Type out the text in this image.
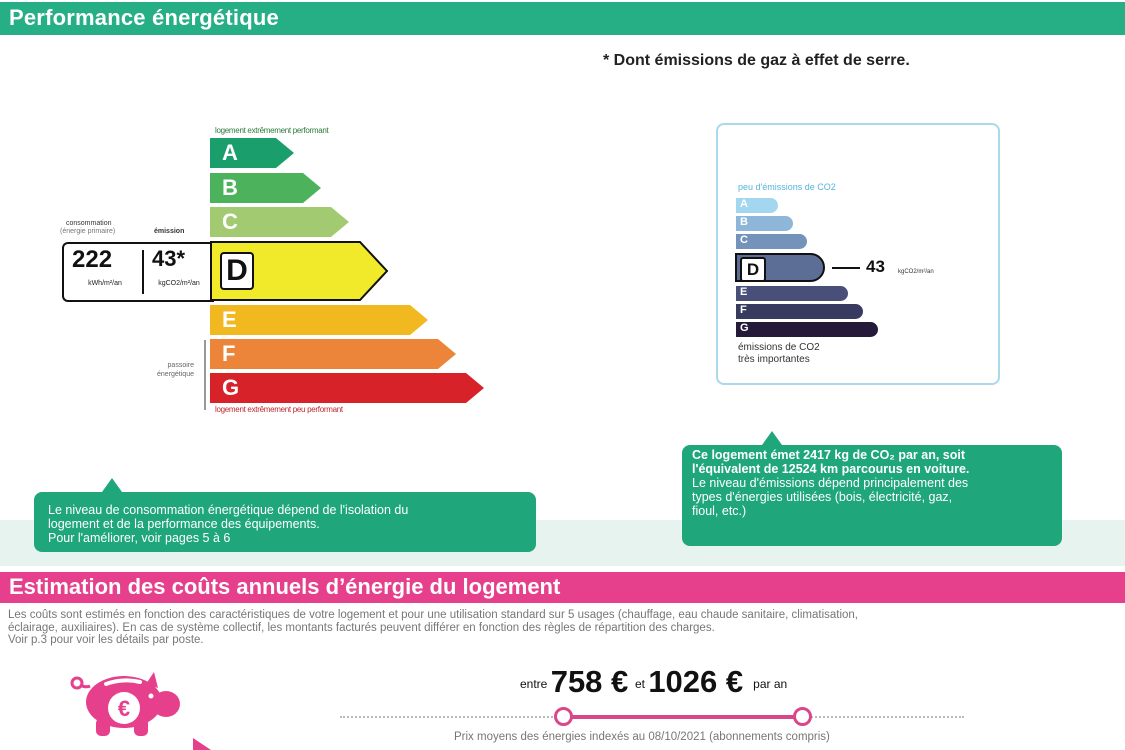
Performance énergétique
* Dont émissions de gaz à effet de serre.
logement extrêmement performant
A
B
C
consommation
(énergie primaire)	émission
222 43*
kWh/m²/an	kgCO2/m²/an D
E
F
G
passoire
énergétique
logement extrêmement peu performant
peu d'émissions de CO2
A
B
C
D	43 kgCO2/m²/an
E
F
G
émissions de CO2
très importantes
Le niveau de consommation énergétique dépend de l'isolation du
logement et de la performance des équipements.
Pour l'améliorer, voir pages 5 à 6
Ce logement émet 2417 kg de CO₂ par an, soit
l'équivalent de 12524 km parcourus en voiture.
Le niveau d'émissions dépend principalement des
types d'énergies utilisées (bois, électricité, gaz,
fioul, etc.)
Estimation des coûts annuels d’énergie du logement
Les coûts sont estimés en fonction des caractéristiques de votre logement et pour une utilisation standard sur 5 usages (chauffage, eau chaude sanitaire, climatisation,
éclairage, auxiliaires). En cas de système collectif, les montants facturés peuvent différer en fonction des règles de répartition des charges.
Voir p.3 pour voir les détails par poste.
€
entre 758 € et 1026 € par an
Prix moyens des énergies indexés au 08/10/2021 (abonnements compris)
